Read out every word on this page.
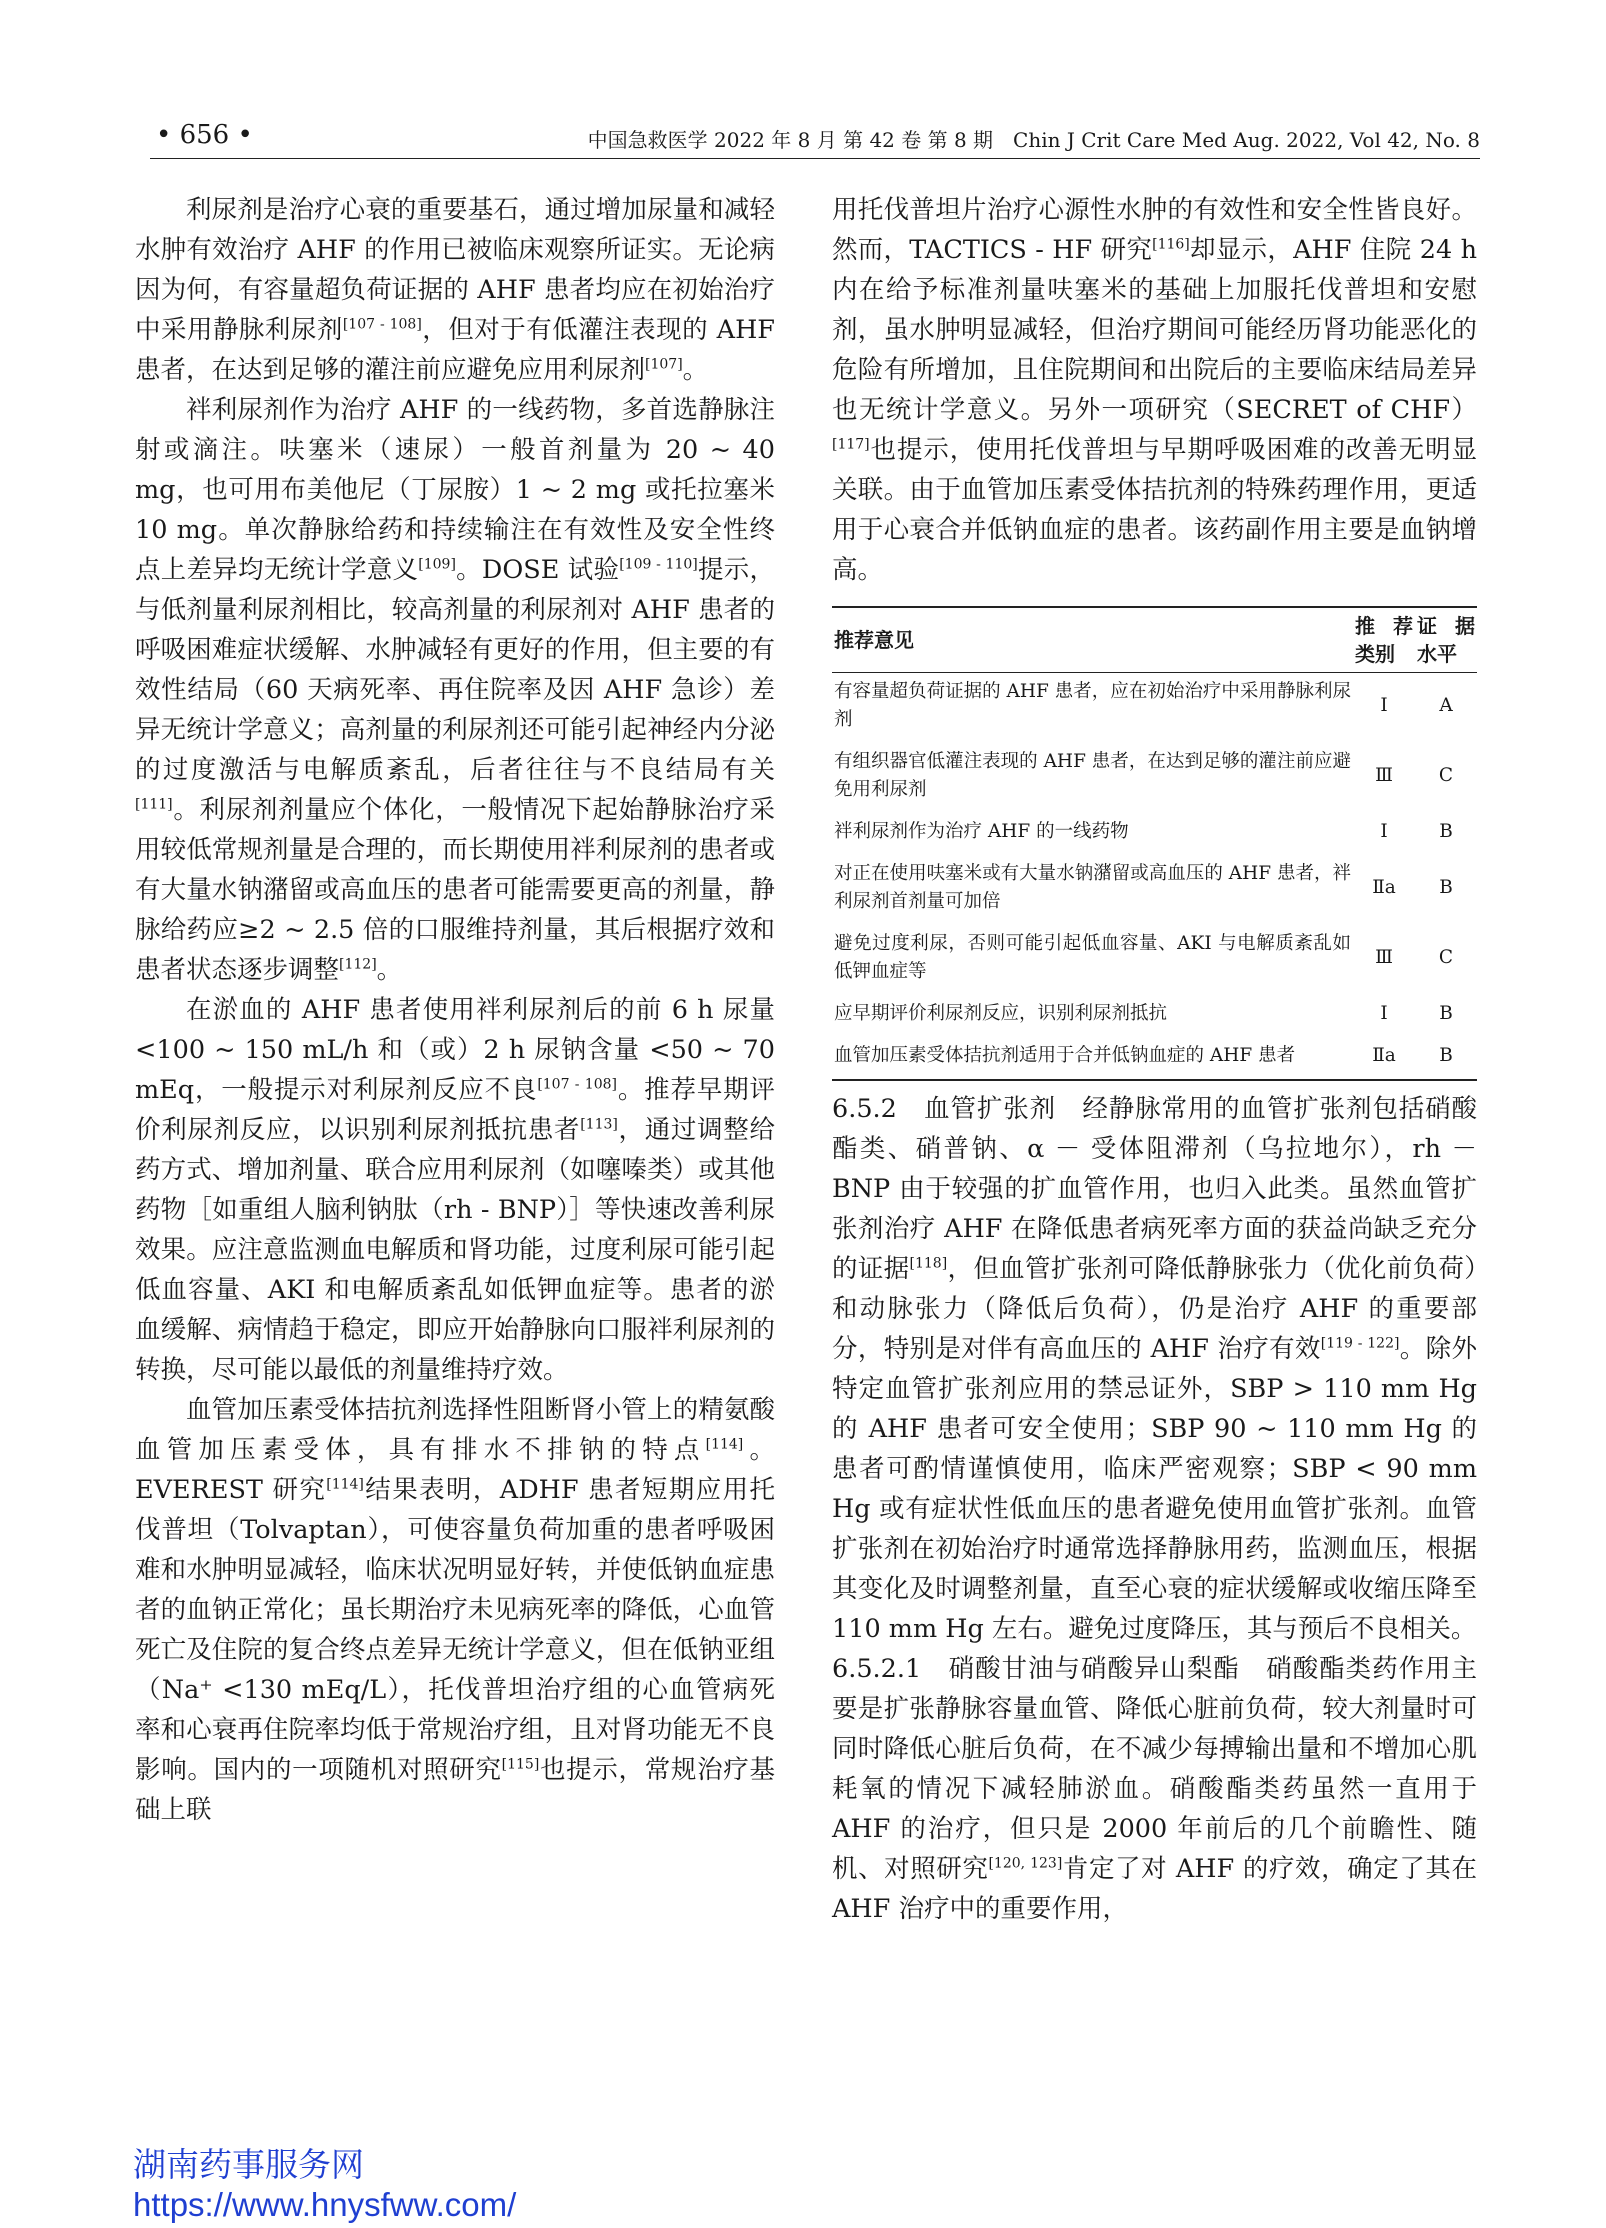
• 656 •	中国急救医学 2022 年 8 月 第 42 卷 第 8 期　Chin J Crit Care Med Aug. 2022, Vol 42, No. 8

利尿剂是治疗心衰的重要基石，通过增加尿量和减轻水肿有效治疗 AHF 的作用已被临床观察所证实。无论病因为何，有容量超负荷证据的 AHF 患者均应在初始治疗中采用静脉利尿剂[107 - 108]，但对于有低灌注表现的 AHF 患者，在达到足够的灌注前应避免应用利尿剂[107]。

袢利尿剂作为治疗 AHF 的一线药物，多首选静脉注射或滴注。呋塞米（速尿）一般首剂量为 20 ~ 40 mg，也可用布美他尼（丁尿胺）1 ~ 2 mg 或托拉塞米 10 mg。单次静脉给药和持续输注在有效性及安全性终点上差异均无统计学意义[109]。DOSE 试验[109 - 110]提示，与低剂量利尿剂相比，较高剂量的利尿剂对 AHF 患者的呼吸困难症状缓解、水肿减轻有更好的作用，但主要的有效性结局（60 天病死率、再住院率及因 AHF 急诊）差异无统计学意义；高剂量的利尿剂还可能引起神经内分泌的过度激活与电解质紊乱，后者往往与不良结局有关[111]。利尿剂剂量应个体化，一般情况下起始静脉治疗采用较低常规剂量是合理的，而长期使用袢利尿剂的患者或有大量水钠潴留或高血压的患者可能需要更高的剂量，静脉给药应≥2 ~ 2.5 倍的口服维持剂量，其后根据疗效和患者状态逐步调整[112]。

在淤血的 AHF 患者使用袢利尿剂后的前 6 h 尿量 <100 ~ 150 mL/h 和（或）2 h 尿钠含量 <50 ~ 70 mEq，一般提示对利尿剂反应不良[107 - 108]。推荐早期评价利尿剂反应，以识别利尿剂抵抗患者[113]，通过调整给药方式、增加剂量、联合应用利尿剂（如噻嗪类）或其他药物［如重组人脑利钠肽（rh - BNP）］等快速改善利尿效果。应注意监测血电解质和肾功能，过度利尿可能引起低血容量、AKI 和电解质紊乱如低钾血症等。患者的淤血缓解、病情趋于稳定，即应开始静脉向口服袢利尿剂的转换，尽可能以最低的剂量维持疗效。

血管加压素受体拮抗剂选择性阻断肾小管上的精氨酸血管加压素受体，具有排水不排钠的特点[114]。EVEREST 研究[114]结果表明，ADHF 患者短期应用托伐普坦（Tolvaptan），可使容量负荷加重的患者呼吸困难和水肿明显减轻，临床状况明显好转，并使低钠血症患者的血钠正常化；虽长期治疗未见病死率的降低，心血管死亡及住院的复合终点差异无统计学意义，但在低钠亚组（Na⁺ <130 mEq/L），托伐普坦治疗组的心血管病死率和心衰再住院率均低于常规治疗组，且对肾功能无不良影响。国内的一项随机对照研究[115]也提示，常规治疗基础上联

用托伐普坦片治疗心源性水肿的有效性和安全性皆良好。然而，TACTICS - HF 研究[116]却显示，AHF 住院 24 h 内在给予标准剂量呋塞米的基础上加服托伐普坦和安慰剂，虽水肿明显减轻，但治疗期间可能经历肾功能恶化的危险有所增加，且住院期间和出院后的主要临床结局差异也无统计学意义。另外一项研究（SECRET of CHF）[117]也提示，使用托伐普坦与早期呼吸困难的改善无明显关联。由于血管加压素受体拮抗剂的特殊药理作用，更适用于心衰合并低钠血症的患者。该药副作用主要是血钠增高。

推荐意见	推荐类别	证据水平
有容量超负荷证据的 AHF 患者，应在初始治疗中采用静脉利尿剂	Ⅰ	A
有组织器官低灌注表现的 AHF 患者，在达到足够的灌注前应避免用利尿剂	Ⅲ	C
袢利尿剂作为治疗 AHF 的一线药物	Ⅰ	B
对正在使用呋塞米或有大量水钠潴留或高血压的 AHF 患者，袢利尿剂首剂量可加倍	Ⅱa	B
避免过度利尿，否则可能引起低血容量、AKI 与电解质紊乱如低钾血症等	Ⅲ	C
应早期评价利尿剂反应，识别利尿剂抵抗	Ⅰ	B
血管加压素受体拮抗剂适用于合并低钠血症的 AHF 患者	Ⅱa	B

6.5.2　血管扩张剂　经静脉常用的血管扩张剂包括硝酸酯类、硝普钠、α － 受体阻滞剂（乌拉地尔），rh － BNP 由于较强的扩血管作用，也归入此类。虽然血管扩张剂治疗 AHF 在降低患者病死率方面的获益尚缺乏充分的证据[118]，但血管扩张剂可降低静脉张力（优化前负荷）和动脉张力（降低后负荷），仍是治疗 AHF 的重要部分，特别是对伴有高血压的 AHF 治疗有效[119 - 122]。除外特定血管扩张剂应用的禁忌证外，SBP > 110 mm Hg 的 AHF 患者可安全使用；SBP 90 ~ 110 mm Hg 的患者可酌情谨慎使用，临床严密观察；SBP < 90 mm Hg 或有症状性低血压的患者避免使用血管扩张剂。血管扩张剂在初始治疗时通常选择静脉用药，监测血压，根据其变化及时调整剂量，直至心衰的症状缓解或收缩压降至 110 mm Hg 左右。避免过度降压，其与预后不良相关。

6.5.2.1　硝酸甘油与硝酸异山梨酯　硝酸酯类药作用主要是扩张静脉容量血管、降低心脏前负荷，较大剂量时可同时降低心脏后负荷，在不减少每搏输出量和不增加心肌耗氧的情况下减轻肺淤血。硝酸酯类药虽然一直用于 AHF 的治疗，但只是 2000 年前后的几个前瞻性、随机、对照研究[120, 123]肯定了对 AHF 的疗效，确定了其在 AHF 治疗中的重要作用，

湖南药事服务网
https://www.hnysfww.com/
